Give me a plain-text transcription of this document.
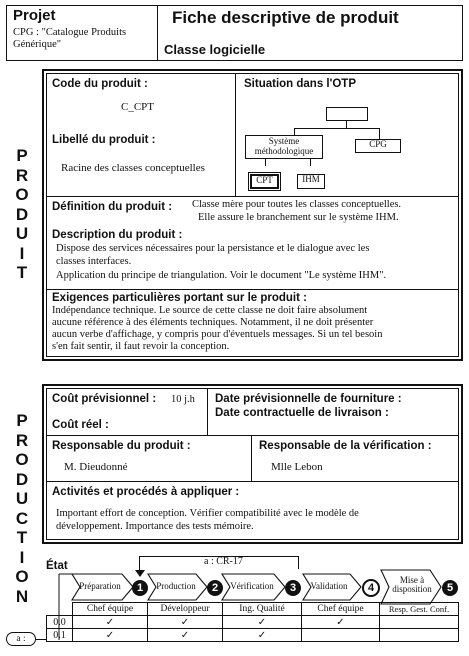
Projet
CPG : "Catalogue Produits
Générique"
Fiche descriptive de produit
Classe logicielle
P
R
O
D
U
I
T
Code du produit :
C_CPT
Libellé du produit :
Racine des classes conceptuelles
Situation dans l'OTP
Système méthodologique
CPG
CPT	IHM
Définition du produit : Classe mère pour toutes les classes conceptuelles.
Elle assure le branchement sur le système IHM.
Description du produit :
Dispose des services nécessaires pour la persistance et le dialogue avec les
classes interfaces.
Application du principe de triangulation. Voir le document "Le système IHM".
Exigences particulières portant sur le produit :
Indépendance technique. Le source de cette classe ne doit faire absolument
aucune référence à des éléments techniques. Notamment, il ne doit présenter
aucun verbe d'affichage, y compris pour d'éventuels messages. Si un tel besoin
s'en fait sentir, il faut revoir la conception.
P
R
O
D
U
C
T
I
O
N
Coût prévisionnel : 10 j.h
Coût réel :
Date prévisionnelle de fourniture :
Date contractuelle de livraison :
Responsable du produit :
M. Dieudonné
Responsable de la vérification :
Mlle Lebon
Activités et procédés à appliquer :
Important effort de conception. Vérifier compatibilité avec le modèle de
développement. Importance des tests mémoire.
État	a : CR-17
Préparation	Production	Vérification	Validation
Mise à disposition
1	2	3	4	5
	Chef équipe	Développeur	Ing. Qualité	Chef équipe	Resp. Gest. Conf.
0.0	✓	✓	✓	✓	
0.1	✓	✓	✓		
a :
